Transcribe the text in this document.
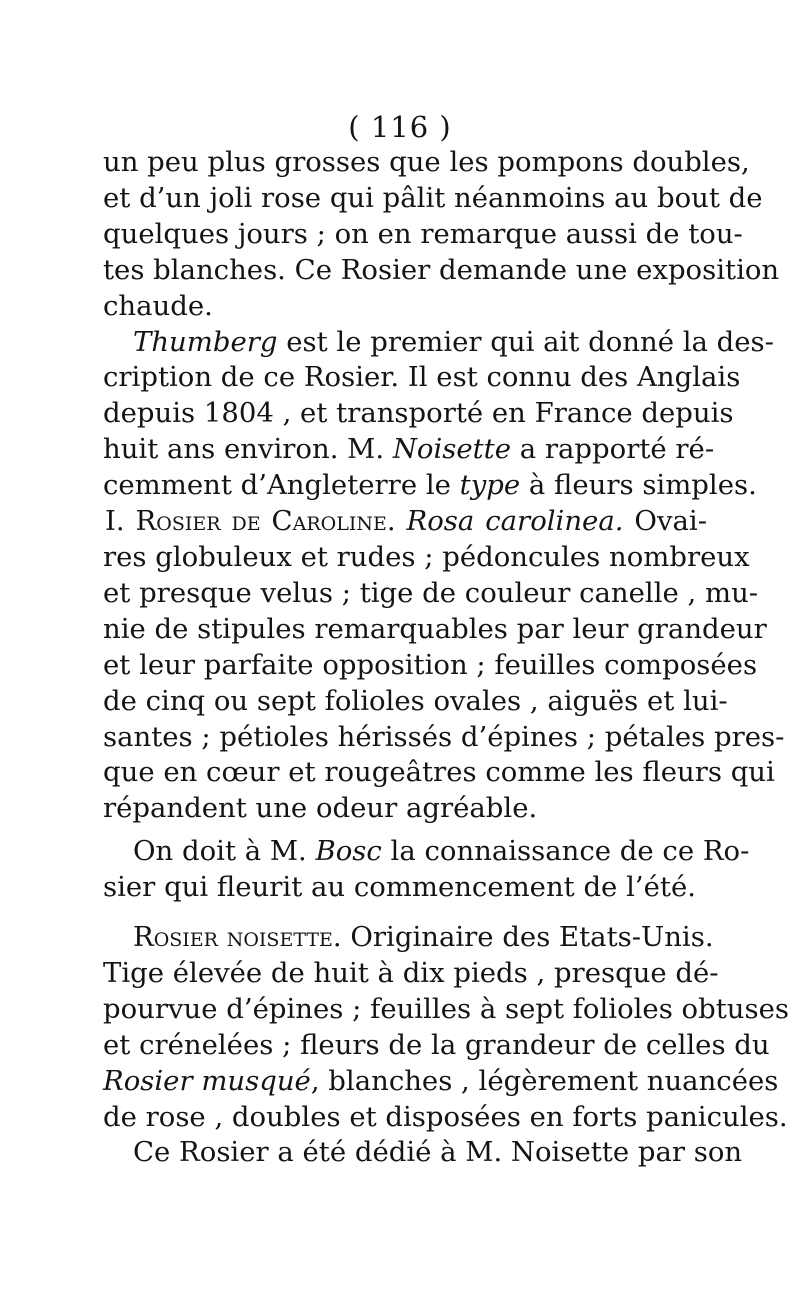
( 116 )
un peu plus grosses que les pompons doubles,
et d’un joli rose qui pâlit néanmoins au bout de
quelques jours ; on en remarque aussi de tou-
tes blanches. Ce Rosier demande une exposition
chaude.
Thumberg est le premier qui ait donné la des-
cription de ce Rosier. Il est connu des Anglais
depuis 1804 , et transporté en France depuis
huit ans environ. M. Noisette a rapporté ré-
cemment d’Angleterre le type à fleurs simples.
I. Rosier de Caroline. Rosa carolinea. Ovai-
res globuleux et rudes ; pédoncules nombreux
et presque velus ; tige de couleur canelle , mu-
nie de stipules remarquables par leur grandeur
et leur parfaite opposition ; feuilles composées
de cinq ou sept folioles ovales , aiguës et lui-
santes ; pétioles hérissés d’épines ; pétales pres-
que en cœur et rougeâtres comme les fleurs qui
répandent une odeur agréable.
On doit à M. Bosc la connaissance de ce Ro-
sier qui fleurit au commencement de l’été.
Rosier noisette. Originaire des Etats-Unis.
Tige élevée de huit à dix pieds , presque dé-
pourvue d’épines ; feuilles à sept folioles obtuses
et crénelées ; fleurs de la grandeur de celles du
Rosier musqué, blanches , légèrement nuancées
de rose , doubles et disposées en forts panicules.
Ce Rosier a été dédié à M. Noisette par son
